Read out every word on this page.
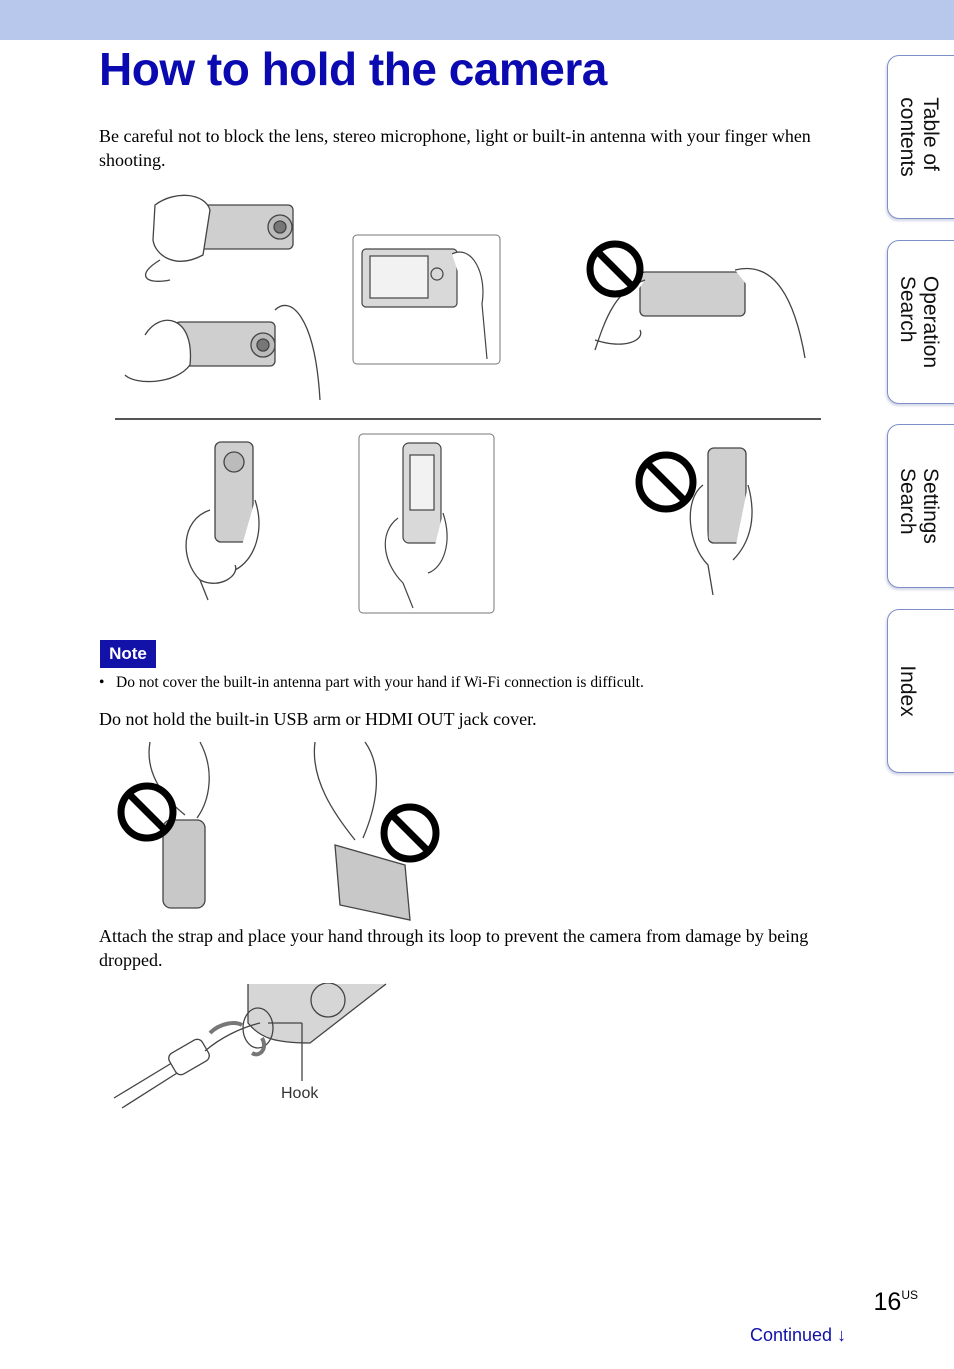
How to hold the camera

Be careful not to block the lens, stereo microphone, light or built-in antenna with your finger when shooting.

Note
• Do not cover the built-in antenna part with your hand if Wi-Fi connection is difficult.

Do not hold the built-in USB arm or HDMI OUT jack cover.

Attach the strap and place your hand through its loop to prevent the camera from damage by being dropped.

Hook
Table of
contents
Operation
Search
Settings
Search
Index
$16^{US}$
Continued ↓
